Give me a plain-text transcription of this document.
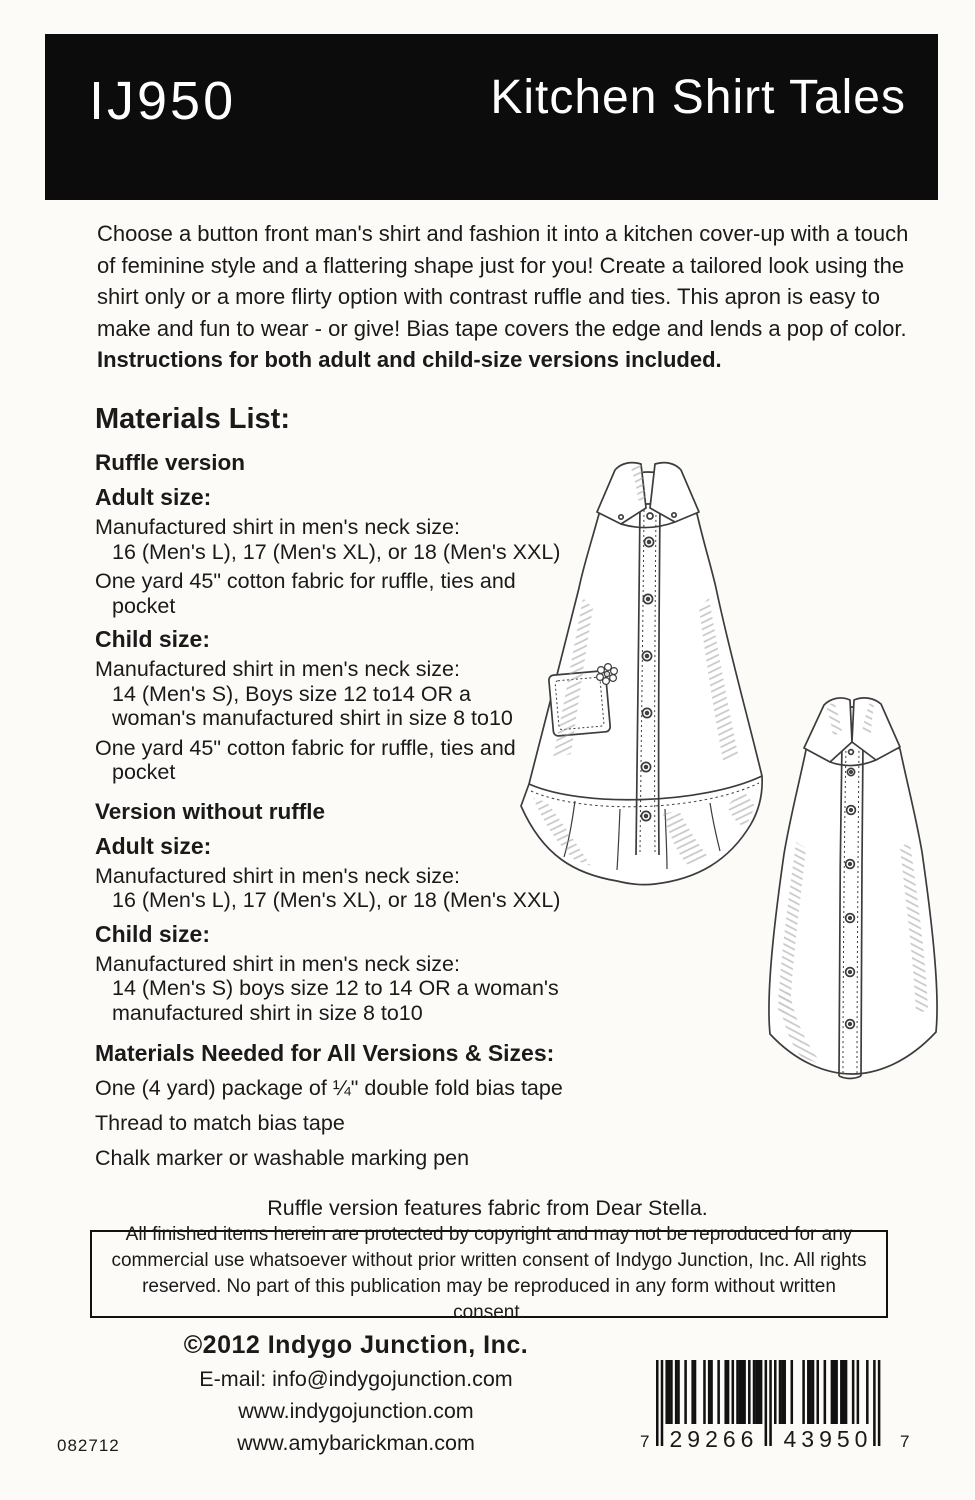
IJ950	Kitchen Shirt Tales

Choose a button front man's shirt and fashion it into a kitchen cover-up with a touch of feminine style and a flattering shape just for you! Create a tailored look using the shirt only or a more flirty option with contrast ruffle and ties. This apron is easy to make and fun to wear - or give! Bias tape covers the edge and lends a pop of color. Instructions for both adult and child-size versions included.

Materials List:
Ruffle version
Adult size:
Manufactured shirt in men's neck size:
16 (Men's L), 17 (Men's XL), or 18 (Men's XXL)
One yard 45" cotton fabric for ruffle, ties and
pocket
Child size:
Manufactured shirt in men's neck size:
14 (Men's S), Boys size 12 to14 OR a
woman's manufactured shirt in size 8 to10
One yard 45" cotton fabric for ruffle, ties and
pocket
Version without ruffle
Adult size:
Manufactured shirt in men's neck size:
16 (Men's L), 17 (Men's XL), or 18 (Men's XXL)
Child size:
Manufactured shirt in men's neck size:
14 (Men's S) boys size 12 to 14 OR a woman's
manufactured shirt in size 8 to10
Materials Needed for All Versions & Sizes:
One (4 yard) package of ¼" double fold bias tape
Thread to match bias tape
Chalk marker or washable marking pen
Ruffle version features fabric from Dear Stella.

All finished items herein are protected by copyright and may not be reproduced for any commercial use whatsoever without prior written consent of Indygo Junction, Inc. All rights reserved. No part of this publication may be reproduced in any form without written consent.

©2012 Indygo Junction, Inc.
E-mail: info@indygojunction.com
www.indygojunction.com
www.amybarickman.com
082712	7 29266 43950 7
